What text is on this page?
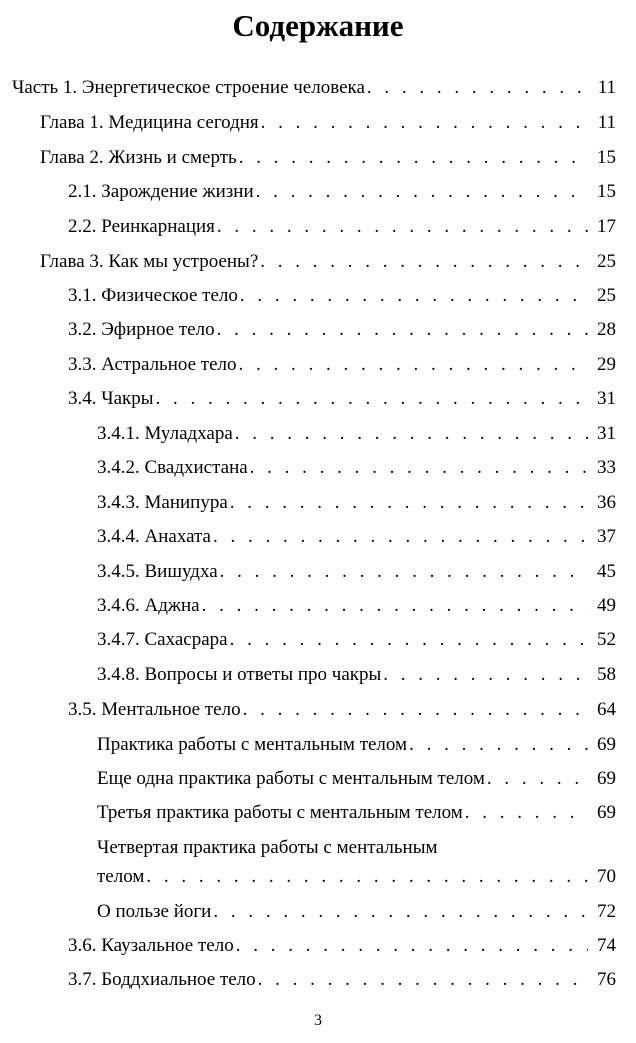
Содержание
Часть 1. Энергетическое строение человека . . .	11
Глава 1. Медицина сегодня . . .	11
Глава 2. Жизнь и смерть . . .	15
2.1. Зарождение жизни . . .	15
2.2. Реинкарнация . . .	17
Глава 3. Как мы устроены? . . .	25
3.1. Физическое тело . . .	25
3.2. Эфирное тело . . .	28
3.3. Астральное тело . . .	29
3.4. Чакры . . .	31
3.4.1. Муладхара . . .	31
3.4.2. Свадхистана . . .	33
3.4.3. Манипура . . .	36
3.4.4. Анахата . . .	37
3.4.5. Вишудха . . .	45
3.4.6. Аджна . . .	49
3.4.7. Сахасрара . . .	52
3.4.8. Вопросы и ответы про чакры . . .	58
3.5. Ментальное тело . . .	64
Практика работы с ментальным телом . . .	69
Еще одна практика работы с ментальным телом . . .	69
Третья практика работы с ментальным телом . . .	69
Четвертая практика работы с ментальным
телом . . .	70
О пользе йоги . . .	72
3.6. Каузальное тело . . .	74
3.7. Боддхиальное тело . . .	76
3
